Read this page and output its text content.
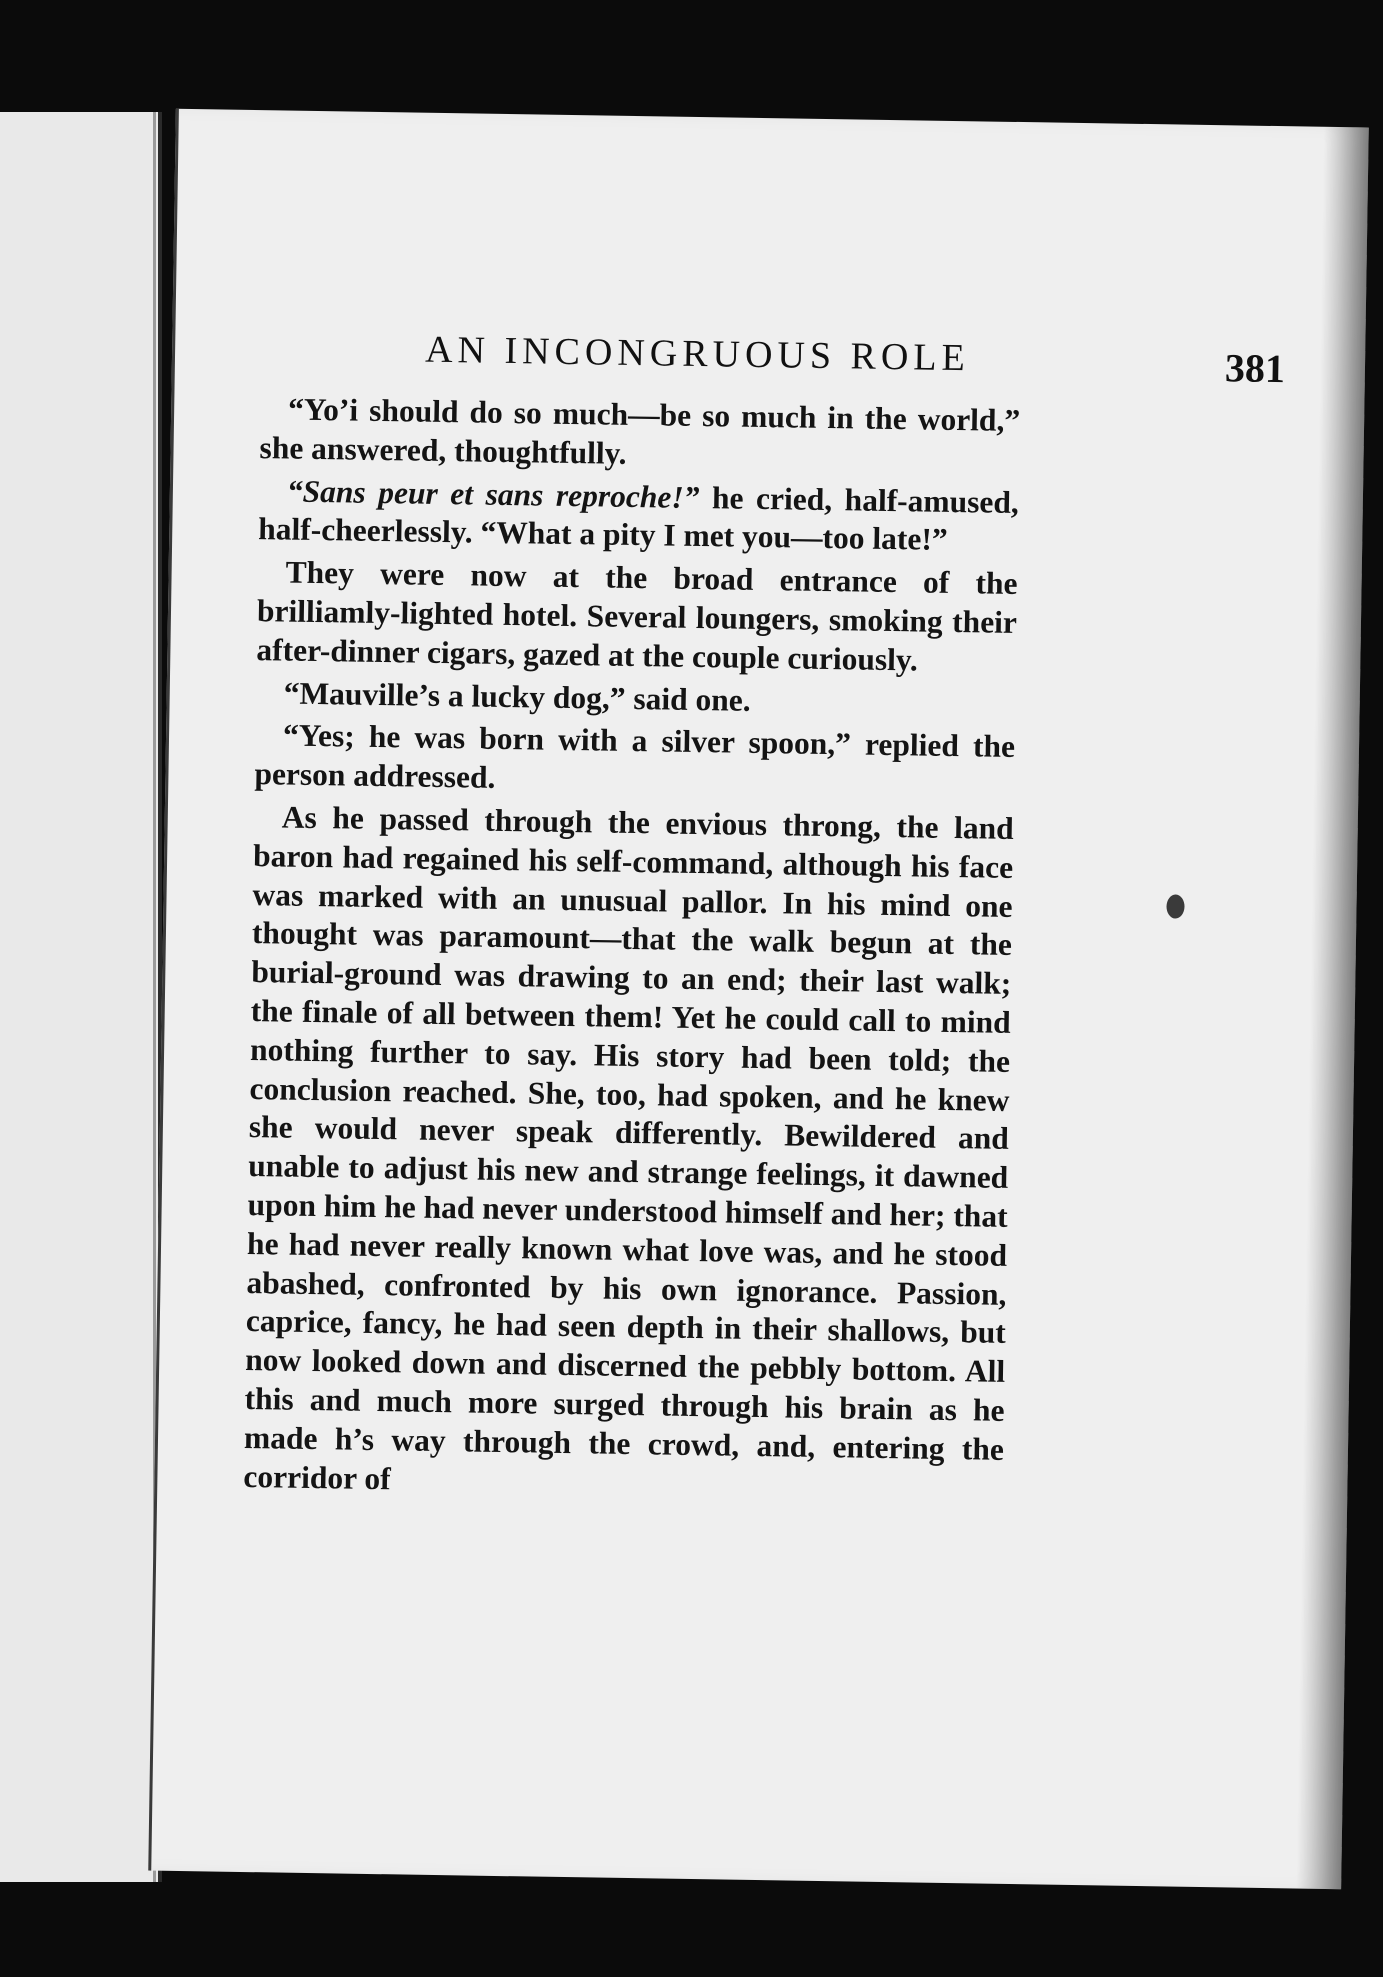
AN INCONGRUOUS ROLE	381

“Yo’i should do so much—be so much in the world,” she answered, thoughtfully.

“Sans peur et sans reproche!” he cried, half-amused, half-cheerlessly. “What a pity I met you—too late!”

They were now at the broad entrance of the brilliamly-lighted hotel. Several loungers, smoking their after-dinner cigars, gazed at the couple curiously.

“Mauville’s a lucky dog,” said one.

“Yes; he was born with a silver spoon,” replied the person addressed.

As he passed through the envious throng, the land baron had regained his self-command, although his face was marked with an unusual pallor. In his mind one thought was paramount—that the walk begun at the burial-ground was drawing to an end; their last walk; the finale of all between them! Yet he could call to mind nothing further to say. His story had been told; the conclusion reached. She, too, had spoken, and he knew she would never speak differently. Bewildered and unable to adjust his new and strange feelings, it dawned upon him he had never understood himself and her; that he had never really known what love was, and he stood abashed, confronted by his own ignorance. Passion, caprice, fancy, he had seen depth in their shallows, but now looked down and discerned the pebbly bottom. All this and much more surged through his brain as he made h’s way through the crowd, and, entering the corridor of
